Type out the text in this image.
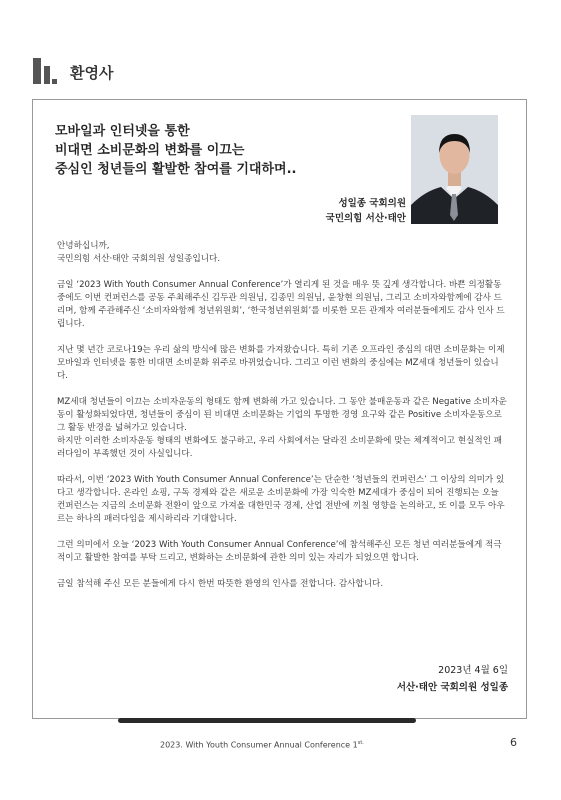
환영사
모바일과 인터넷을 통한
비대면 소비문화의 변화를 이끄는
중심인 청년들의 활발한 참여를 기대하며..
성일종 국회의원
국민의힘 서산·태안

안녕하십니까,
국민의힘 서산·태안 국회의원 성일종입니다.

금일 ‘2023 With Youth Consumer Annual Conference’가 열리게 된 것을 매우 뜻 깊게 생각합니다. 바쁜 의정활동 중에도 이번 컨퍼런스를 공동 주최해주신 김두관 의원님, 김종민 의원님, 윤창현 의원님, 그리고 소비자와함께에 감사 드리며, 함께 주관해주신 ‘소비자와함께 청년위원회’, ‘한국청년위원회’를 비롯한 모든 관계자 여러분들에게도 감사 인사 드립니다.

지난 몇 년간 코로나19는 우리 삶의 방식에 많은 변화를 가져왔습니다. 특히 기존 오프라인 중심의 대면 소비문화는 이제 모바일과 인터넷을 통한 비대면 소비문화 위주로 바뀌었습니다. 그리고 이런 변화의 중심에는 MZ세대 청년들이 있습니다.

MZ세대 청년들이 이끄는 소비자운동의 형태도 함께 변화해 가고 있습니다. 그 동안 불매운동과 같은 Negative 소비자운동이 활성화되었다면, 청년들이 중심이 된 비대면 소비문화는 기업의 투명한 경영 요구와 같은 Positive 소비자운동으로 그 활동 반경을 넓혀가고 있습니다.

하지만 이러한 소비자운동 형태의 변화에도 불구하고, 우리 사회에서는 달라진 소비문화에 맞는 체계적이고 현실적인 패러다임이 부족했던 것이 사실입니다.

따라서, 이번 ‘2023 With Youth Consumer Annual Conference’는 단순한 ‘청년들의 컨퍼런스’ 그 이상의 의미가 있다고 생각합니다. 온라인 쇼핑, 구독 경제와 같은 새로운 소비문화에 가장 익숙한 MZ세대가 중심이 되어 진행되는 오늘 컨퍼런스는 지금의 소비문화 전환이 앞으로 가져올 대한민국 경제, 산업 전반에 끼칠 영향을 논의하고, 또 이를 모두 아우르는 하나의 패러다임을 제시하리라 기대합니다.

그런 의미에서 오늘 ‘2023 With Youth Consumer Annual Conference’에 참석해주신 모든 청년 여러분들에게 적극적이고 활발한 참여를 부탁 드리고, 변화하는 소비문화에 관한 의미 있는 자리가 되었으면 합니다.

금일 참석해 주신 모든 분들에게 다시 한번 따뜻한 환영의 인사를 전합니다. 감사합니다.

2023년 4월 6일
서산·태안 국회의원 성일종
2023. With Youth Consumer Annual Conference $1^{st.}$	6
